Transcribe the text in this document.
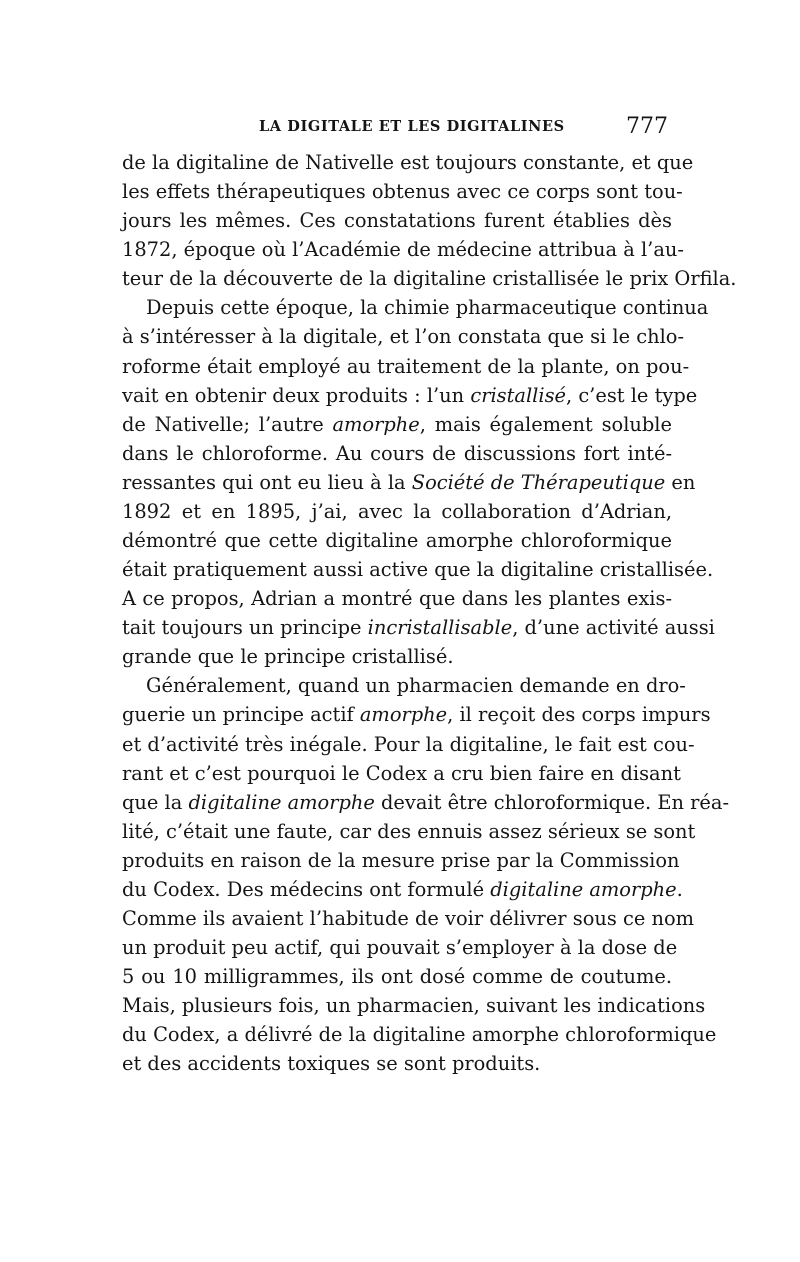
LA DIGITALE ET LES DIGITALINES	777
de la digitaline de Nativelle est toujours constante, et que
les effets thérapeutiques obtenus avec ce corps sont tou-
jours les mêmes. Ces constatations furent établies dès
1872, époque où l’Académie de médecine attribua à l’au-
teur de la découverte de la digitaline cristallisée le prix Orfila.
Depuis cette époque, la chimie pharmaceutique continua
à s’intéresser à la digitale, et l’on constata que si le chlo-
roforme était employé au traitement de la plante, on pou-
vait en obtenir deux produits : l’un cristallisé, c’est le type
de Nativelle; l’autre amorphe, mais également soluble
dans le chloroforme. Au cours de discussions fort inté-
ressantes qui ont eu lieu à la Société de Thérapeutique en
1892 et en 1895, j’ai, avec la collaboration d’Adrian,
démontré que cette digitaline amorphe chloroformique
était pratiquement aussi active que la digitaline cristallisée.
A ce propos, Adrian a montré que dans les plantes exis-
tait toujours un principe incristallisable, d’une activité aussi
grande que le principe cristallisé.
Généralement, quand un pharmacien demande en dro-
guerie un principe actif amorphe, il reçoit des corps impurs
et d’activité très inégale. Pour la digitaline, le fait est cou-
rant et c’est pourquoi le Codex a cru bien faire en disant
que la digitaline amorphe devait être chloroformique. En réa-
lité, c’était une faute, car des ennuis assez sérieux se sont
produits en raison de la mesure prise par la Commission
du Codex. Des médecins ont formulé digitaline amorphe.
Comme ils avaient l’habitude de voir délivrer sous ce nom
un produit peu actif, qui pouvait s’employer à la dose de
5 ou 10 milligrammes, ils ont dosé comme de coutume.
Mais, plusieurs fois, un pharmacien, suivant les indications
du Codex, a délivré de la digitaline amorphe chloroformique
et des accidents toxiques se sont produits.
